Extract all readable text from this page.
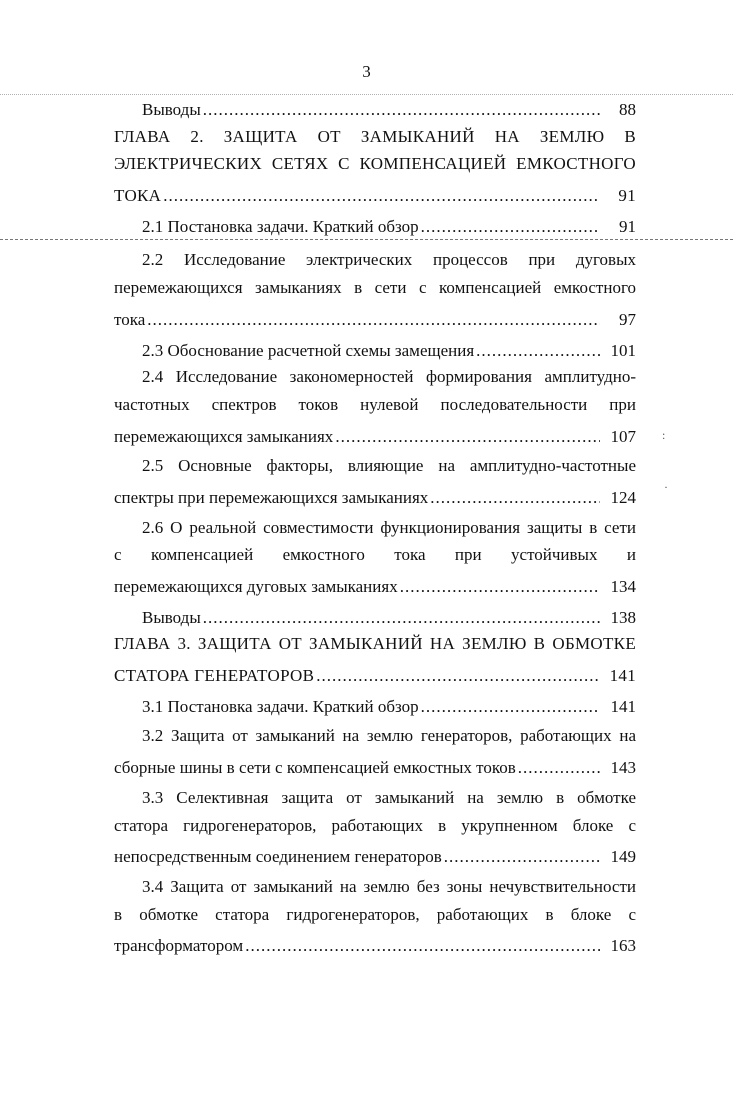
3
:
·
Выводы .....	88
ГЛАВА 2. ЗАЩИТА ОТ ЗАМЫКАНИЙ НА ЗЕМЛЮ В
ЭЛЕКТРИЧЕСКИХ СЕТЯХ С КОМПЕНСАЦИЕЙ ЕМКОСТНОГО
ТОКА .....	91
2.1 Постановка задачи. Краткий обзор .....	91
2.2 Исследование электрических процессов при дуговых
перемежающихся замыканиях в сети с компенсацией емкостного
тока .....	97
2.3 Обоснование расчетной схемы замещения .....	101
2.4 Исследование закономерностей формирования амплитудно-
частотных спектров токов нулевой последовательности при
перемежающихся замыканиях .....	107
2.5 Основные факторы, влияющие на амплитудно-частотные
спектры при перемежающихся замыканиях .....	124
2.6 О реальной совместимости функционирования защиты в сети
с компенсацией емкостного тока при устойчивых и
перемежающихся дуговых замыканиях .....	134
Выводы .....	138
ГЛАВА 3. ЗАЩИТА ОТ ЗАМЫКАНИЙ НА ЗЕМЛЮ В ОБМОТКЕ
СТАТОРА ГЕНЕРАТОРОВ .....	141
3.1 Постановка задачи. Краткий обзор .....	141
3.2 Защита от замыканий на землю генераторов, работающих на
сборные шины в сети с компенсацией емкостных токов .....	143
3.3 Селективная защита от замыканий на землю в обмотке
статора гидрогенераторов, работающих в укрупненном блоке с
непосредственным соединением генераторов .....	149
3.4 Защита от замыканий на землю без зоны нечувствительности
в обмотке статора гидрогенераторов, работающих в блоке с
трансформатором .....	163
